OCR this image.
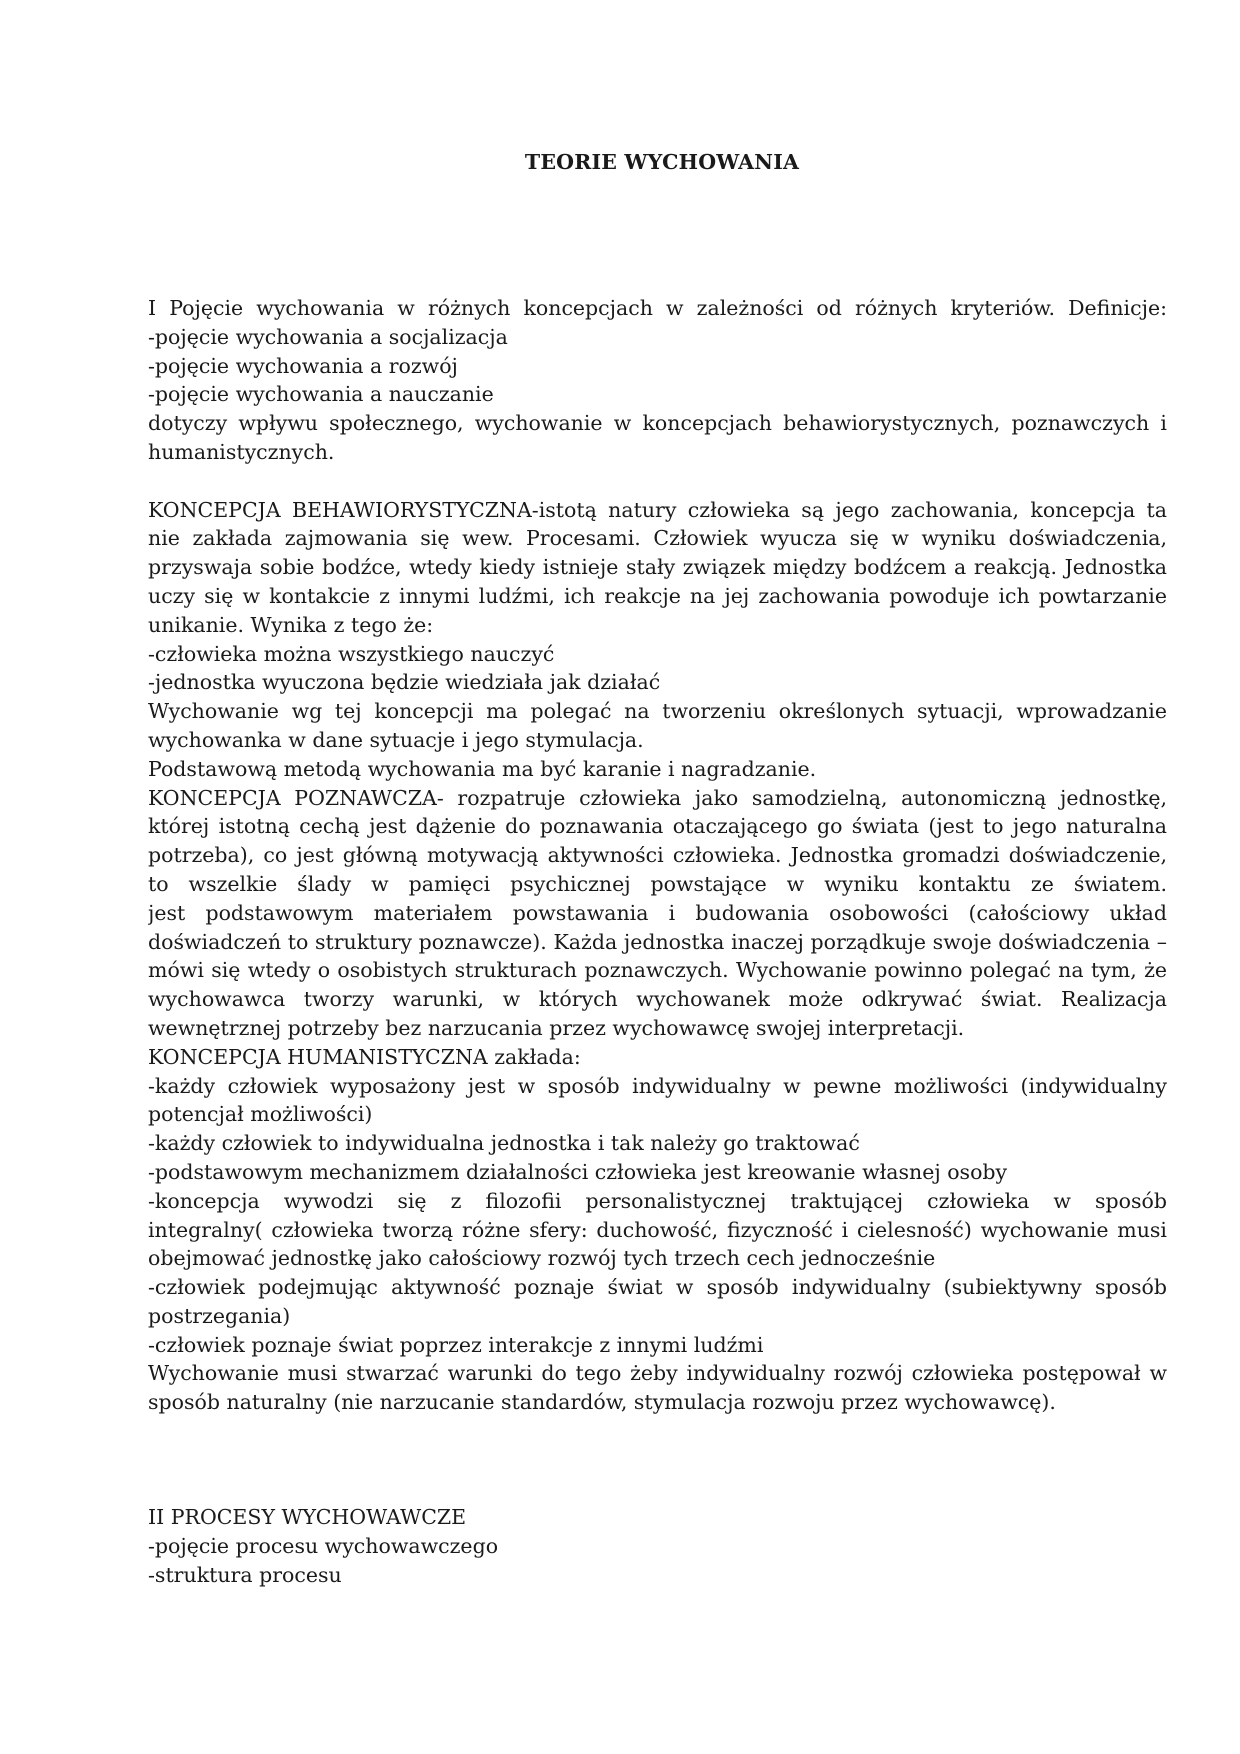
TEORIE WYCHOWANIA
I Pojęcie wychowania w różnych koncepcjach w zależności od różnych kryteriów. Definicje:
-pojęcie wychowania a socjalizacja
-pojęcie wychowania a rozwój
-pojęcie wychowania a nauczanie
dotyczy wpływu społecznego, wychowanie w koncepcjach behawiorystycznych, poznawczych i
humanistycznych.
KONCEPCJA BEHAWIORYSTYCZNA-istotą natury człowieka są jego zachowania, koncepcja ta
nie zakłada zajmowania się wew. Procesami. Człowiek wyucza się w wyniku doświadczenia,
przyswaja sobie bodźce, wtedy kiedy istnieje stały związek między bodźcem a reakcją. Jednostka
uczy się w kontakcie z innymi ludźmi, ich reakcje na jej zachowania powoduje ich powtarzanie
unikanie. Wynika z tego że:
-człowieka można wszystkiego nauczyć
-jednostka wyuczona będzie wiedziała jak działać
Wychowanie wg tej koncepcji ma polegać na tworzeniu określonych sytuacji, wprowadzanie
wychowanka w dane sytuacje i jego stymulacja.
Podstawową metodą wychowania ma być karanie i nagradzanie.
KONCEPCJA POZNAWCZA- rozpatruje człowieka jako samodzielną, autonomiczną jednostkę,
której istotną cechą jest dążenie do poznawania otaczającego go świata (jest to jego naturalna
potrzeba), co jest główną motywacją aktywności człowieka. Jednostka gromadzi doświadczenie,
to wszelkie ślady w pamięci psychicznej powstające w wyniku kontaktu ze światem.
jest podstawowym materiałem powstawania i budowania osobowości (całościowy układ
doświadczeń to struktury poznawcze). Każda jednostka inaczej porządkuje swoje doświadczenia –
mówi się wtedy o osobistych strukturach poznawczych. Wychowanie powinno polegać na tym, że
wychowawca tworzy warunki, w których wychowanek może odkrywać świat. Realizacja
wewnętrznej potrzeby bez narzucania przez wychowawcę swojej interpretacji.
KONCEPCJA HUMANISTYCZNA zakłada:
-każdy człowiek wyposażony jest w sposób indywidualny w pewne możliwości (indywidualny
potencjał możliwości)
-każdy człowiek to indywidualna jednostka i tak należy go traktować
-podstawowym mechanizmem działalności człowieka jest kreowanie własnej osoby
-koncepcja wywodzi się z filozofii personalistycznej traktującej człowieka w sposób
integralny( człowieka tworzą różne sfery: duchowość, fizyczność i cielesność) wychowanie musi
obejmować jednostkę jako całościowy rozwój tych trzech cech jednocześnie
-człowiek podejmując aktywność poznaje świat w sposób indywidualny (subiektywny sposób
postrzegania)
-człowiek poznaje świat poprzez interakcje z innymi ludźmi
Wychowanie musi stwarzać warunki do tego żeby indywidualny rozwój człowieka postępował w
sposób naturalny (nie narzucanie standardów, stymulacja rozwoju przez wychowawcę).
II PROCESY WYCHOWAWCZE
-pojęcie procesu wychowawczego
-struktura procesu
